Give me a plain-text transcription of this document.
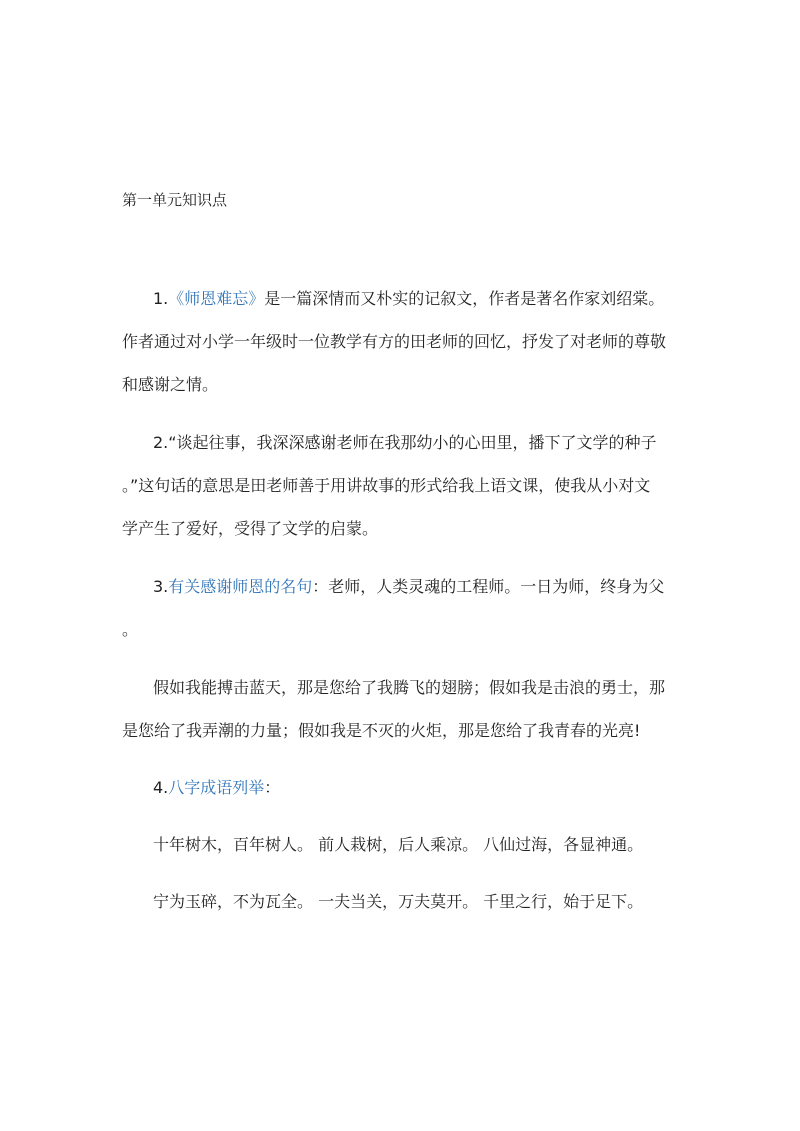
第一单元知识点
1.《师恩难忘》是一篇深情而又朴实的记叙文，作者是著名作家刘绍棠。
作者通过对小学一年级时一位教学有方的田老师的回忆，抒发了对老师的尊敬
和感谢之情。
2.“谈起往事，我深深感谢老师在我那幼小的心田里，播下了文学的种子
。”这句话的意思是田老师善于用讲故事的形式给我上语文课，使我从小对文
学产生了爱好，受得了文学的启蒙。
3.有关感谢师恩的名句：老师，人类灵魂的工程师。一日为师，终身为父
。
假如我能搏击蓝天，那是您给了我腾飞的翅膀；假如我是击浪的勇士，那
是您给了我弄潮的力量；假如我是不灭的火炬，那是您给了我青春的光亮!
4.八字成语列举：
十年树木，百年树人。 前人栽树，后人乘凉。 八仙过海，各显神通。
宁为玉碎，不为瓦全。 一夫当关，万夫莫开。 千里之行，始于足下。
